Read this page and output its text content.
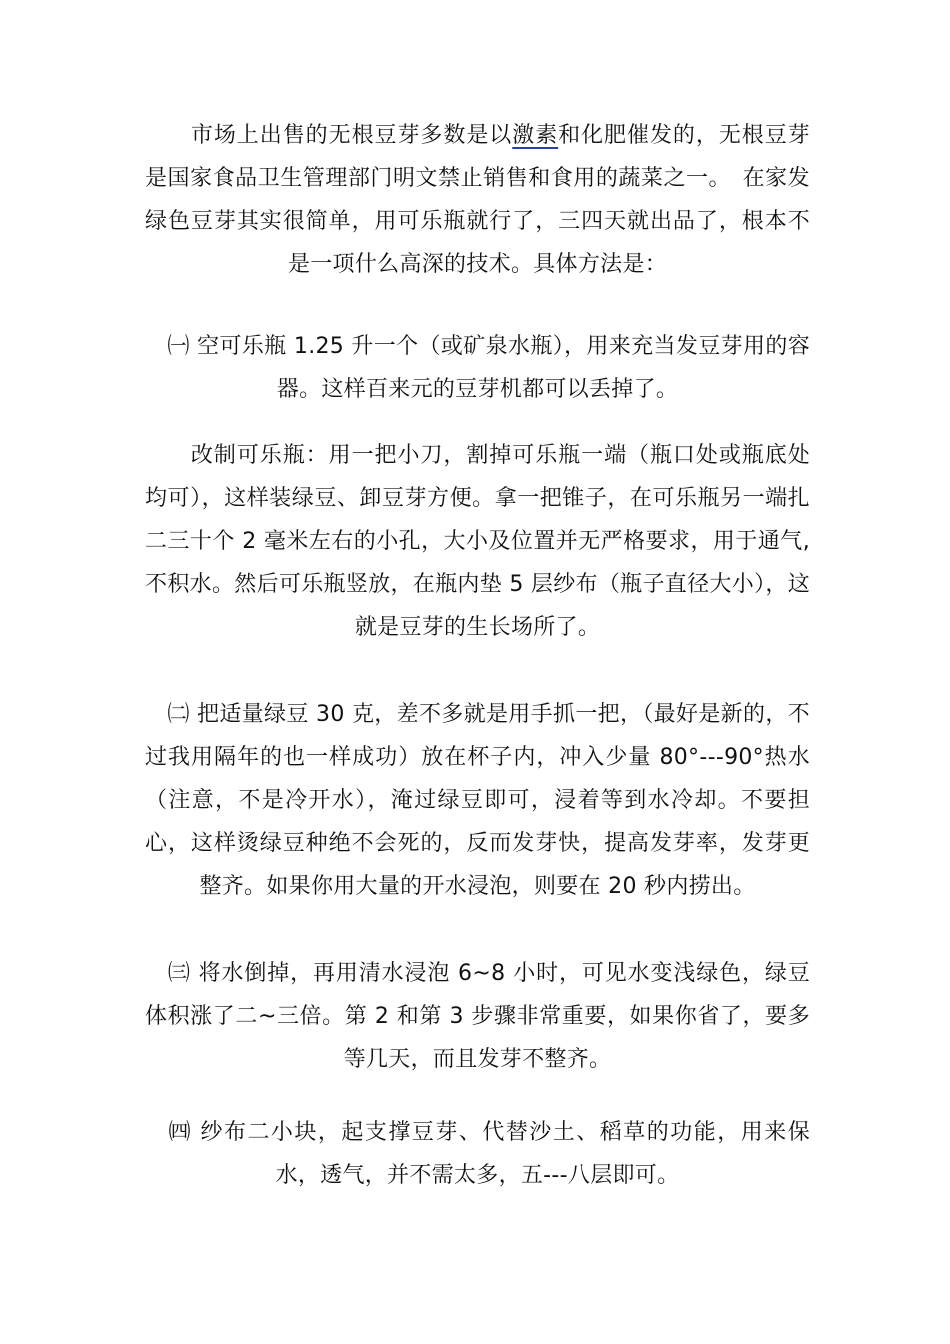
　　市场上出售的无根豆芽多数是以激素和化肥催发的，无根豆芽是国家食品卫生管理部门明文禁止销售和食用的蔬菜之一。　在家发绿色豆芽其实很简单，用可乐瓶就行了，三四天就出品了，根本不是一项什么高深的技术。具体方法是：

　㈠ 空可乐瓶 1.25 升一个（或矿泉水瓶），用来充当发豆芽用的容器。这样百来元的豆芽机都可以丢掉了。

　　改制可乐瓶：用一把小刀，割掉可乐瓶一端（瓶口处或瓶底处均可），这样装绿豆、卸豆芽方便。拿一把锥子，在可乐瓶另一端扎二三十个 2 毫米左右的小孔，大小及位置并无严格要求，用于通气,不积水。然后可乐瓶竖放，在瓶内垫 5 层纱布（瓶子直径大小），这就是豆芽的生长场所了。

　㈡ 把适量绿豆 30 克，差不多就是用手抓一把，（最好是新的，不过我用隔年的也一样成功）放在杯子内，冲入少量 80°---90°热水（注意，不是冷开水），淹过绿豆即可，浸着等到水冷却。不要担心，这样烫绿豆种绝不会死的，反而发芽快，提高发芽率，发芽更整齐。如果你用大量的开水浸泡，则要在 20 秒内捞出。

　㈢ 将水倒掉，再用清水浸泡 6~8 小时，可见水变浅绿色，绿豆体积涨了二~三倍。第 2 和第 3 步骤非常重要，如果你省了，要多等几天，而且发芽不整齐。

　㈣ 纱布二小块，起支撑豆芽、代替沙土、稻草的功能，用来保水，透气，并不需太多，五---八层即可。
